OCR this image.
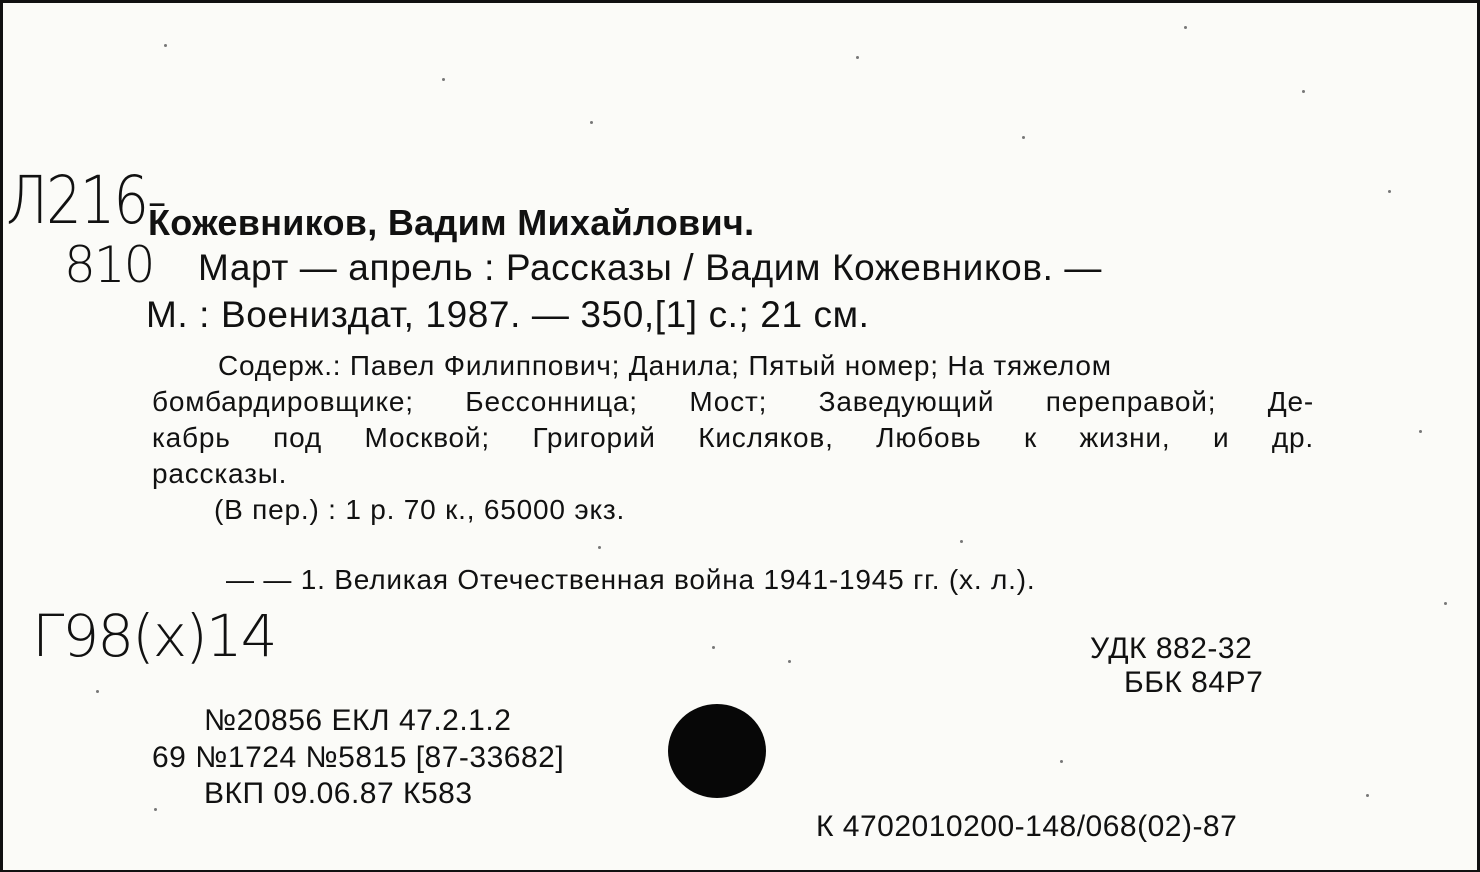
Л216-
810
Г98(х)14
Кожевников, Вадим Михайлович.
Март — апрель : Рассказы / Вадим Кожевников. —
М. : Воениздат, 1987. — 350,[1] с.; 21 см.
Содерж.: Павел Филиппович; Данила; Пятый номер; На тяжелом
бомбардировщике; Бессонница; Мост; Заведующий переправой; Де-
кабрь под Москвой; Григорий Кисляков, Любовь к жизни, и др.
рассказы.
(В пер.) : 1 р. 70 к., 65000 экз.
— — 1. Великая Отечественная война 1941-1945 гг. (х. л.).
УДК 882-32
ББК 84Р7
№20856 ЕКЛ 47.2.1.2
69 №1724 №5815 [87-33682]
ВКП 09.06.87 К583
К 4702010200-148/068(02)-87
